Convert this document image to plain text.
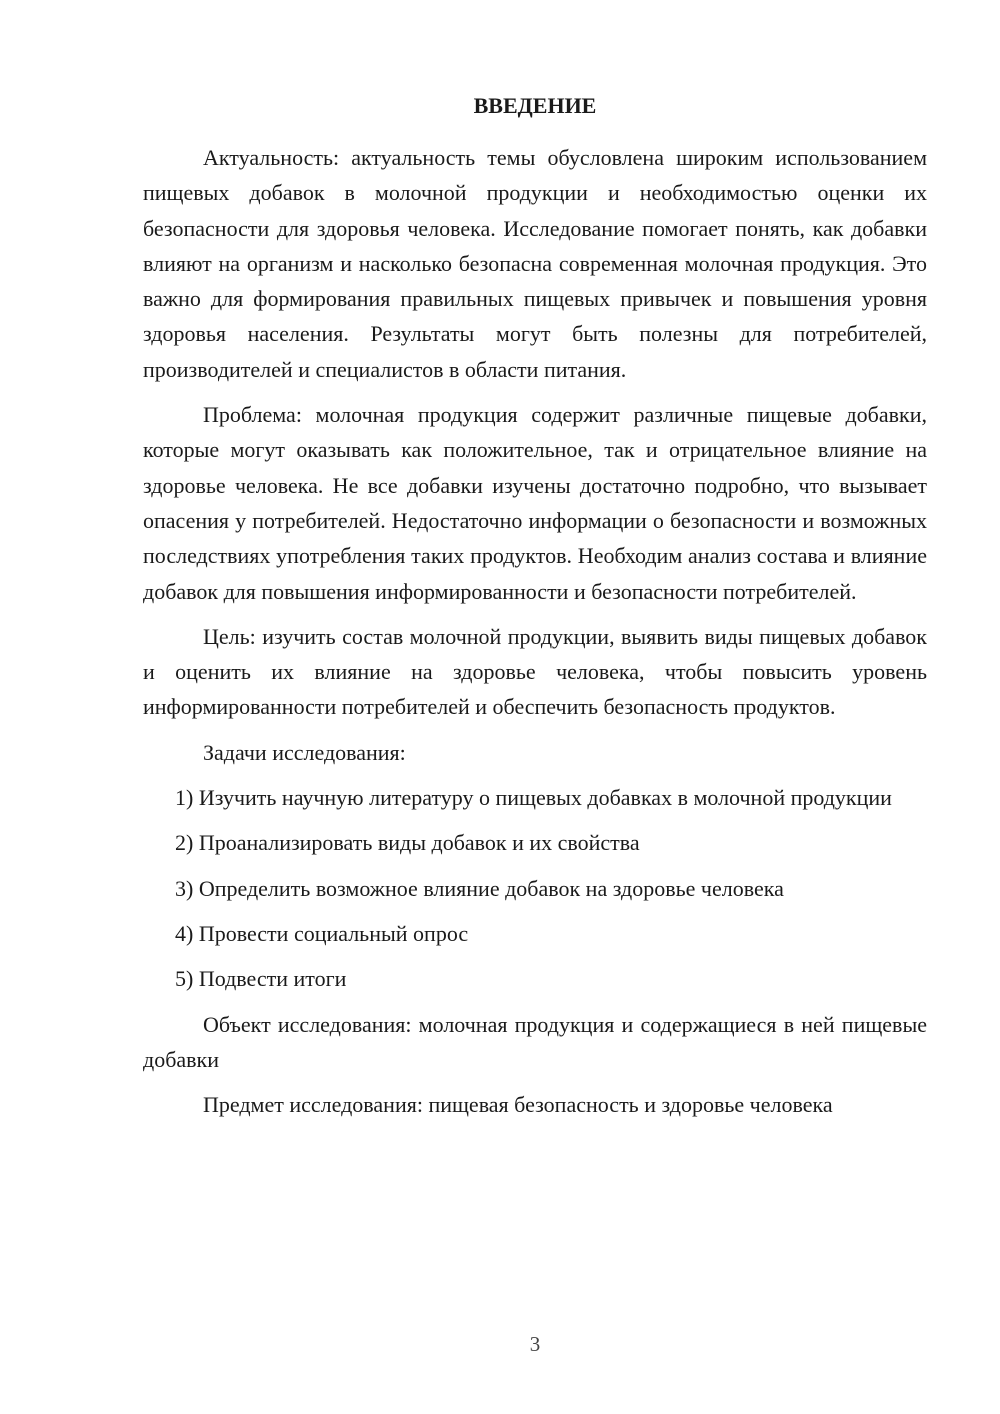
ВВЕДЕНИЕ

Актуальность: актуальность темы обусловлена широким использованием пищевых добавок в молочной продукции и необходимостью оценки их безопасности для здоровья человека. Исследование помогает понять, как добавки влияют на организм и насколько безопасна современная молочная продукция. Это важно для формирования правильных пищевых привычек и повышения уровня здоровья населения. Результаты могут быть полезны для потребителей, производителей и специалистов в области питания.

Проблема: молочная продукция содержит различные пищевые добавки, которые могут оказывать как положительное, так и отрицательное влияние на здоровье человека. Не все добавки изучены достаточно подробно, что вызывает опасения у потребителей. Недостаточно информации о безопасности и возможных последствиях употребления таких продуктов. Необходим анализ состава и влияние добавок для повышения информированности и безопасности потребителей.

Цель: изучить состав молочной продукции, выявить виды пищевых добавок и оценить их влияние на здоровье человека, чтобы повысить уровень информированности потребителей и обеспечить безопасность продуктов.

Задачи исследования:

1) Изучить научную литературу о пищевых добавках в молочной продукции

2) Проанализировать виды добавок и их свойства

3) Определить возможное влияние добавок на здоровье человека

4) Провести социальный опрос

5) Подвести итоги

Объект исследования: молочная продукция и содержащиеся в ней пищевые добавки

Предмет исследования: пищевая безопасность и здоровье человека

3
